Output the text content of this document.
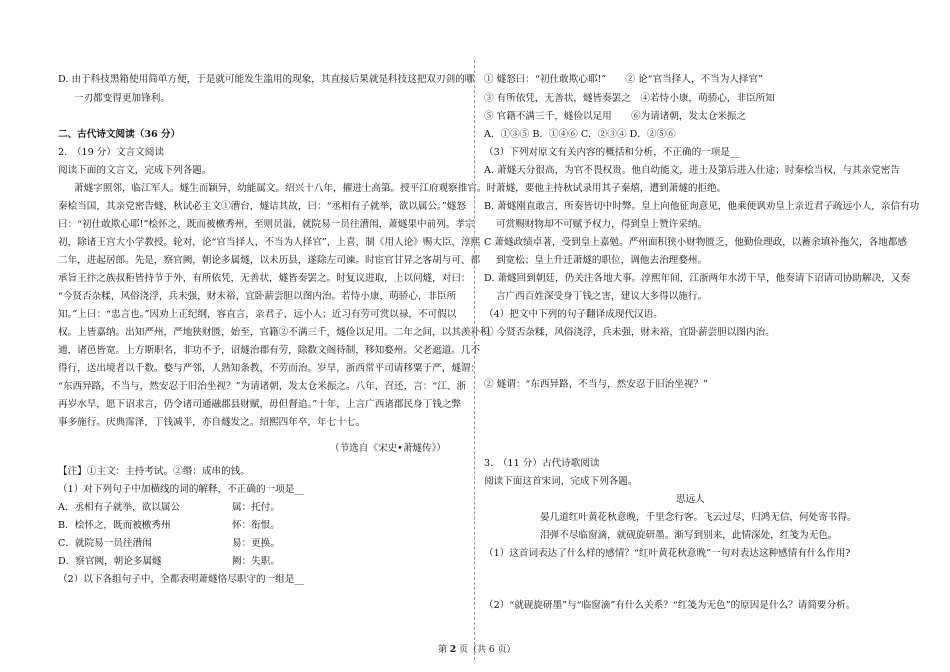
D. 由于科技黑箱使用简单方便，于是就可能发生滥用的现象，其直接后果就是科技这把双刃剑的哪
一刃都变得更加锋利。
二、古代诗文阅读（36 分）
2.　（19 分）文言文阅读
阅读下面的文言文，完成下列各题。
萧燧字照邻，临江军人。燧生而颖异，幼能属文。绍兴十八年，擢进士高第。授平江府观察推官。时
秦桧当国，其亲党密告燧，秋试必主文①漕台，燧诘其故，曰：“丞相有子就举，欲以属公。”燧怒
曰：“初仕敢欺心耶!”桧怀之，既而被檄秀州，至则员溢，就院易一员往漕闱，萧燧果中前列。孝宗
初，除诸王宫大小学教授。轮对，论“官当择人，不当为人择官”，上喜，制《用人论》赐大臣，淳熙
二年，进起居郎。先是，察官阙，朝论多属燧，以未历县，遂除左司谏。时宦官甘昇之客胡与可、都
承旨王抃之族叔秬皆持节于外，有所依凭，无善状，燧皆奏罢之。时复议进取，上以问燧，对曰：
“今贤否杂糅，风俗浇浮，兵未强，财未裕，宜卧薪尝胆以图内治。若恃小康，萌骄心，非臣所
知。”上曰：“忠言也。”因劝上正纪纲，容直言，亲君子，远小人；近习有劳可赏以禄，不可假以
权。上皆嘉纳。出知严州，严地狭财匮，始至，官籍②不满三千，燧俭以足用。二年之间，以其羡补积
逋，诸邑皆宽。上方斯职名，非功不予，诏燧治郡有劳，除数文阁待制，移知婺州。父老遮道。几不
得行，送出境者以千数。婺与严邻，人熟知条教，不劳而治。岁旱，浙西常平司请移粟于严，燧谓：
“东西异路，不当与，然安忍于旧治坐视？”为请诸朝，发太仓米振之。八年，召还，言：“江、浙
再岁水旱，愿下诏求言，仍令诸司通融郡县财赋，毋但督追。”十年，上言广西诸郡民身丁钱之弊
事多施行。庆典霈泽，丁钱减半，亦自燧发之。绍熙四年卒，年七十七。
（节选自《宋史•萧燧传》）
【注】①主文：主持考试。②缗：成串的钱。
（1）对下列句子中加横线的词的解释，不正确的一项是__
A．丞相有子就举，欲以属公	属：托付。
B．桧怀之，既而被檄秀州	怀：衔恨。
C．就院易一员往漕闱	易：更换。
D．察官阙，朝论多属燧	阙：失职。
（2）以下各组句子中，全都表明萧燧恪尽职守的一组是__
① 燧怒曰：“初仕敢欺心耶!”　　② 论“官当择人，不当为人择官”
③ 有所依凭，无善状，燧皆奏罢之　④若恃小康，萌骄心，非臣所知
⑤ 官籍不满三千，燧俭以足用　　⑥为请诸朝，发太仓米振之
A．①③⑤ B．①④⑥ C．②③④ D．②⑤⑥
（3）下列对原文有关内容的概括和分析，不正确的一项是__
A. 萧燧天分很高，为官不畏权贵。他自幼能文，进士及第后进入仕途；时秦桧当权，与其亲党密告
萧燧，要他主持秋试录用其子秦熺，遭到萧燧的拒绝。
B. 萧燧刚直敢言，所奏皆切中时弊。皇上向他征询意见，他乘便讽劝皇上亲近君子疏远小人，亲信有功
可赏赐财物却不可赋予权力，得到皇上赞许采纳。
C 萧燧政绩卓著，受到皇上嘉勉。严州面积狭小财物匮乏，他勤俭理政，以蓄余填补拖欠，各地都感
到宽松；皇上升迁萧燧的职位，调他去治理婺州。
D. 萧燧回到朝廷，仍关注各地大事。淳熙年间，江浙两年水涝干旱，他奏请下诏请司协助解决，又奏
言广西百姓深受身丁钱之害，建议大多得以施行。
（4）把文中下列的句子翻译成现代汉语。
① 今贤否杂糅，风俗浇浮，兵未强，财未裕，宜卧薪尝胆以图内治。
② 燧谓：“东西异路，不当与，然安忍于旧治坐视？”
3.　（11 分）古代诗歌阅读
阅读下面这首宋词，完成下列各题。
思远人
晏几道红叶黄花秋意晚，千里念行客。飞云过尽，归鸿无信，何处寄书得。
泪弹不尽临窗滴，就砚旋研墨。渐写到别来，此情深处，红笺为无色。
（1）这首词表达了什么样的感情？“红叶黄花秋意晚”一句对表达这种感情有什么作用?
（2）“就砚旋研墨”与“临窗滴”有什么关系？“红笺为无色”的原因是什么？请简要分析。
第 2 页（共 6 页）
